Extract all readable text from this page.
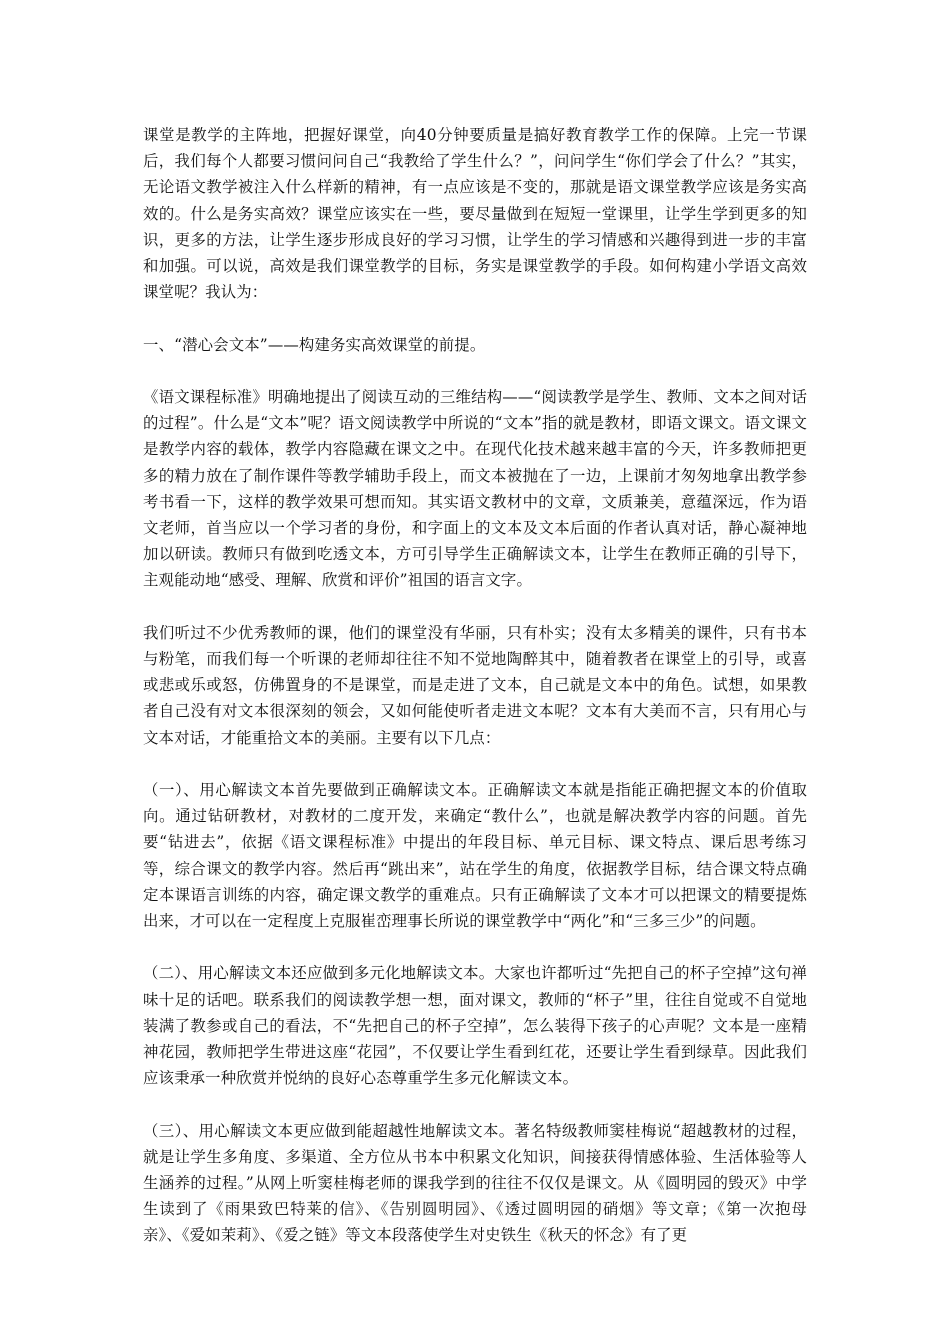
课堂是教学的主阵地，把握好课堂，向40分钟要质量是搞好教育教学工作的保障。上完一节课后，我们每个人都要习惯问问自己“我教给了学生什么？”，问问学生“你们学会了什么？”其实，无论语文教学被注入什么样新的精神，有一点应该是不变的，那就是语文课堂教学应该是务实高效的。什么是务实高效？课堂应该实在一些，要尽量做到在短短一堂课里，让学生学到更多的知识，更多的方法，让学生逐步形成良好的学习习惯，让学生的学习情感和兴趣得到进一步的丰富和加强。可以说，高效是我们课堂教学的目标，务实是课堂教学的手段。如何构建小学语文高效课堂呢？我认为：

一、“潜心会文本”——构建务实高效课堂的前提。

《语文课程标准》明确地提出了阅读互动的三维结构——“阅读教学是学生、教师、文本之间对话的过程”。什么是“文本”呢？语文阅读教学中所说的“文本”指的就是教材，即语文课文。语文课文是教学内容的载体，教学内容隐藏在课文之中。在现代化技术越来越丰富的今天，许多教师把更多的精力放在了制作课件等教学辅助手段上，而文本被抛在了一边，上课前才匆匆地拿出教学参考书看一下，这样的教学效果可想而知。其实语文教材中的文章，文质兼美，意蕴深远，作为语文老师，首当应以一个学习者的身份，和字面上的文本及文本后面的作者认真对话，静心凝神地加以研读。教师只有做到吃透文本，方可引导学生正确解读文本，让学生在教师正确的引导下，主观能动地“感受、理解、欣赏和评价”祖国的语言文字。

我们听过不少优秀教师的课，他们的课堂没有华丽，只有朴实；没有太多精美的课件，只有书本与粉笔，而我们每一个听课的老师却往往不知不觉地陶醉其中，随着教者在课堂上的引导，或喜或悲或乐或怒，仿佛置身的不是课堂，而是走进了文本，自己就是文本中的角色。试想，如果教者自己没有对文本很深刻的领会，又如何能使听者走进文本呢？文本有大美而不言，只有用心与文本对话，才能重拾文本的美丽。主要有以下几点：

（一）、用心解读文本首先要做到正确解读文本。正确解读文本就是指能正确把握文本的价值取向。通过钻研教材，对教材的二度开发，来确定“教什么”，也就是解决教学内容的问题。首先要“钻进去”，依据《语文课程标准》中提出的年段目标、单元目标、课文特点、课后思考练习等，综合课文的教学内容。然后再“跳出来”，站在学生的角度，依据教学目标，结合课文特点确定本课语言训练的内容，确定课文教学的重难点。只有正确解读了文本才可以把课文的精要提炼出来，才可以在一定程度上克服崔峦理事长所说的课堂教学中“两化”和“三多三少”的问题。

（二）、用心解读文本还应做到多元化地解读文本。大家也许都听过“先把自己的杯子空掉”这句禅味十足的话吧。联系我们的阅读教学想一想，面对课文，教师的“杯子”里，往往自觉或不自觉地装满了教参或自己的看法，不“先把自己的杯子空掉”，怎么装得下孩子的心声呢？文本是一座精神花园，教师把学生带进这座“花园”，不仅要让学生看到红花，还要让学生看到绿草。因此我们应该秉承一种欣赏并悦纳的良好心态尊重学生多元化解读文本。

（三）、用心解读文本更应做到能超越性地解读文本。著名特级教师窦桂梅说“超越教材的过程，就是让学生多角度、多渠道、全方位从书本中积累文化知识，间接获得情感体验、生活体验等人生涵养的过程。”从网上听窦桂梅老师的课我学到的往往不仅仅是课文。从《圆明园的毁灭》中学生读到了《雨果致巴特莱的信》、《告别圆明园》、《透过圆明园的硝烟》等文章；《第一次抱母亲》、《爱如茉莉》、《爱之链》等文本段落使学生对史铁生《秋天的怀念》有了更
